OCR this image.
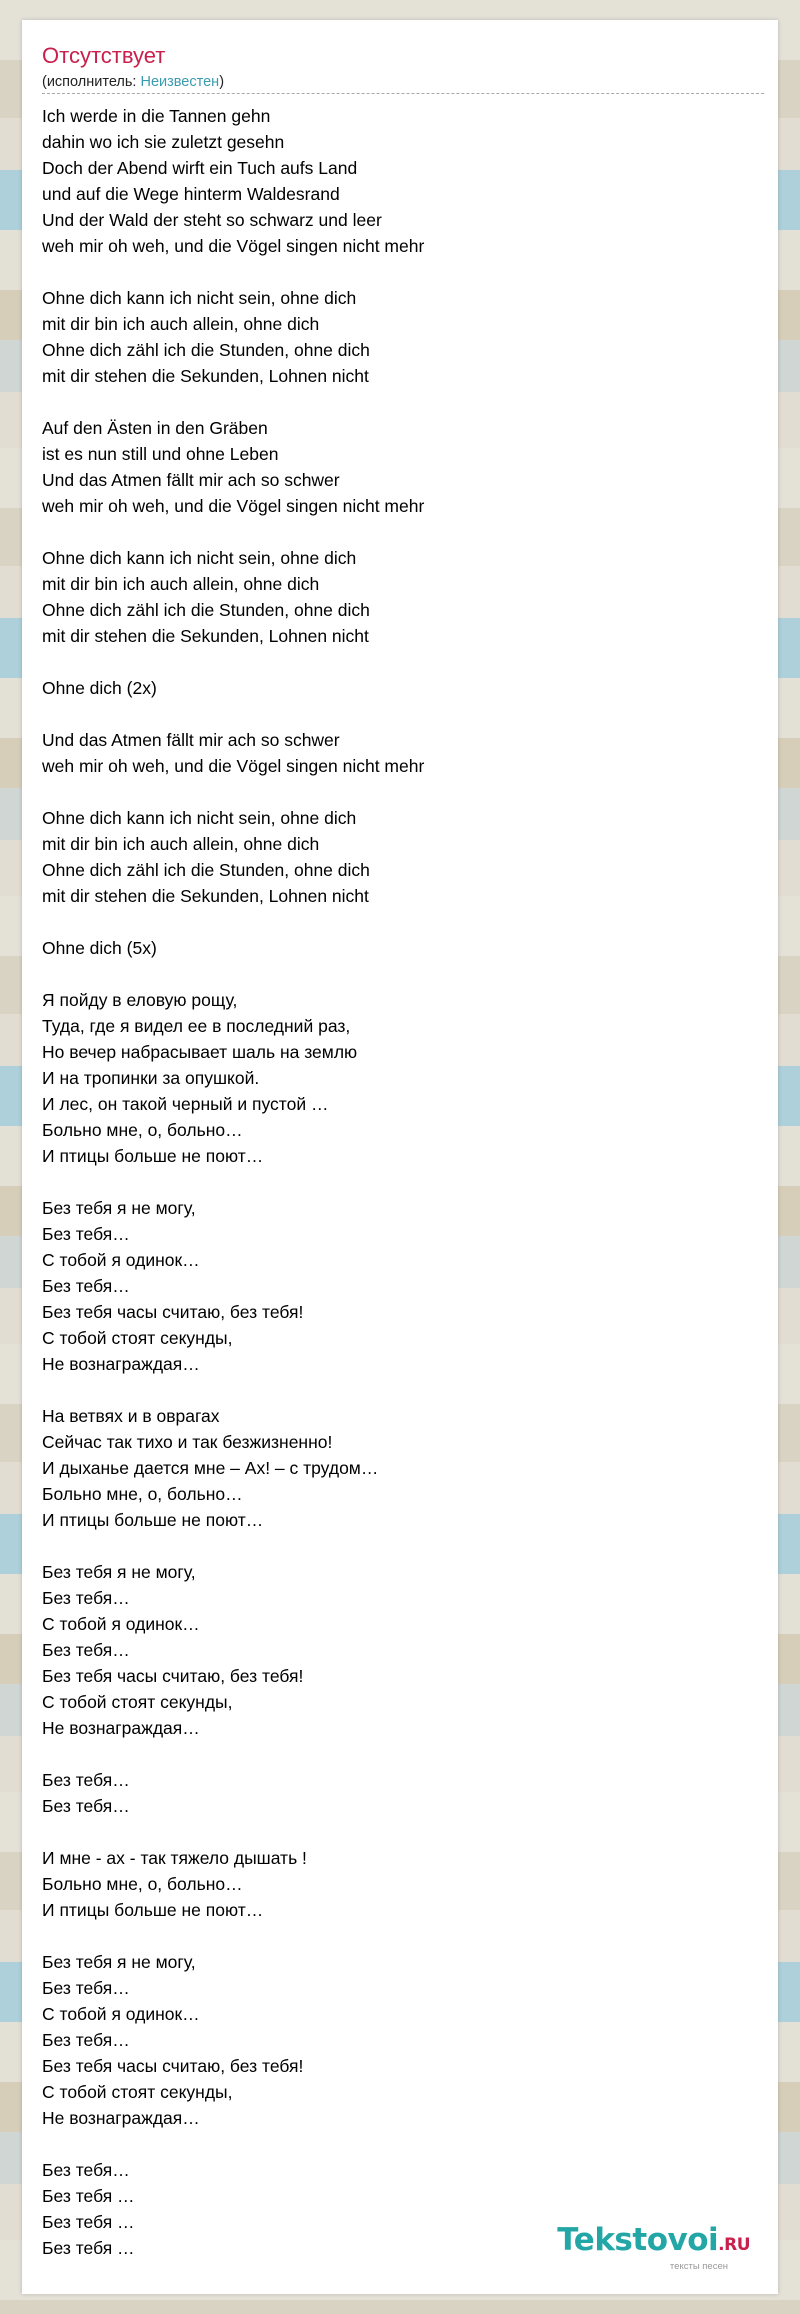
Отсутствует
(исполнитель: Неизвестен)
Ich werde in die Tannen gehn
dahin wo ich sie zuletzt gesehn
Doch der Abend wirft ein Tuch aufs Land
und auf die Wege hinterm Waldesrand
Und der Wald der steht so schwarz und leer
weh mir oh weh, und die Vögel singen nicht mehr
Ohne dich kann ich nicht sein, ohne dich
mit dir bin ich auch allein, ohne dich
Ohne dich zähl ich die Stunden, ohne dich
mit dir stehen die Sekunden, Lohnen nicht
Auf den Ästen in den Gräben
ist es nun still und ohne Leben
Und das Atmen fällt mir ach so schwer
weh mir oh weh, und die Vögel singen nicht mehr
Ohne dich kann ich nicht sein, ohne dich
mit dir bin ich auch allein, ohne dich
Ohne dich zähl ich die Stunden, ohne dich
mit dir stehen die Sekunden, Lohnen nicht
Ohne dich (2x)
Und das Atmen fällt mir ach so schwer
weh mir oh weh, und die Vögel singen nicht mehr
Ohne dich kann ich nicht sein, ohne dich
mit dir bin ich auch allein, ohne dich
Ohne dich zähl ich die Stunden, ohne dich
mit dir stehen die Sekunden, Lohnen nicht
Ohne dich (5x)
Я пойду в еловую рощу,
Туда, где я видел ее в последний раз,
Но вечер набрасывает шаль на землю
И на тропинки за опушкой.
И лес, он такой черный и пустой …
Больно мне, о, больно…
И птицы больше не поют…
Без тебя я не могу,
Без тебя…
С тобой я одинок…
Без тебя…
Без тебя часы считаю, без тебя!
С тобой стоят секунды,
Не вознаграждая…
На ветвях и в оврагах
Сейчас так тихо и так безжизненно!
И дыханье дается мне – Ах! – с трудом…
Больно мне, о, больно…
И птицы больше не поют…
Без тебя я не могу,
Без тебя…
С тобой я одинок…
Без тебя…
Без тебя часы считаю, без тебя!
С тобой стоят секунды,
Не вознаграждая…
Без тебя…
Без тебя…
И мне - ах - так тяжело дышать !
Больно мне, о, больно…
И птицы больше не поют…
Без тебя я не могу,
Без тебя…
С тобой я одинок…
Без тебя…
Без тебя часы считаю, без тебя!
С тобой стоят секунды,
Не вознаграждая…
Без тебя…
Без тебя …
Без тебя …
Без тебя …	Tekstovoi.RU
тексты песен
